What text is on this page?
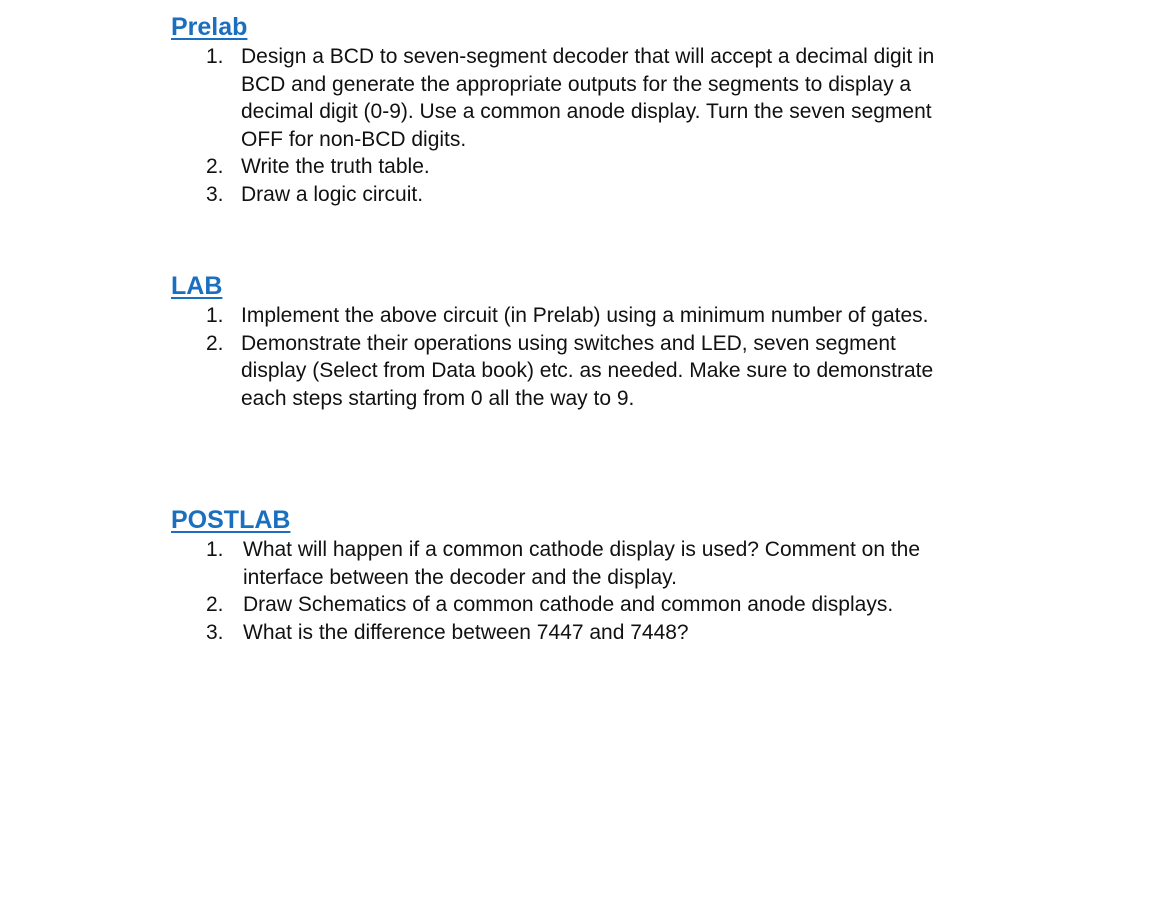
Prelab
1. Design a BCD to seven-segment decoder that will accept a decimal digit in BCD and generate the appropriate outputs for the segments to display a decimal digit (0-9). Use a common anode display. Turn the seven segment OFF for non-BCD digits.
2. Write the truth table.
3. Draw a logic circuit.
LAB
1. Implement the above circuit (in Prelab) using a minimum number of gates.
2. Demonstrate their operations using switches and LED, seven segment display (Select from Data book) etc. as needed. Make sure to demonstrate each steps starting from 0 all the way to 9.
POSTLAB
1. What will happen if a common cathode display is used? Comment on the interface between the decoder and the display.
2. Draw Schematics of a common cathode and common anode displays.
3. What is the difference between 7447 and 7448?
